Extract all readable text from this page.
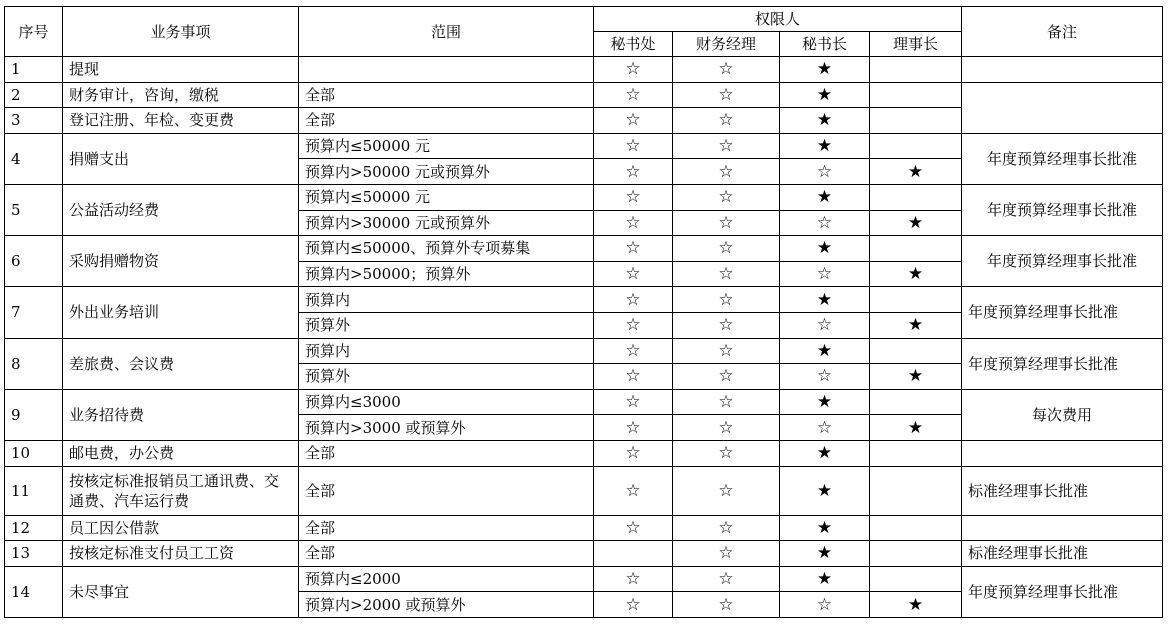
序号	业务事项	范围	权限人				备注
			秘书处	财务经理	秘书长	理事长	
1	提现		☆	☆	★		
2	财务审计，咨询，缴税	全部	☆	☆	★		
3	登记注册、年检、变更费	全部	☆	☆	★		
4	捐赠支出	预算内≤50000 元	☆	☆	★		年度预算经理事长批准
		预算内>50000 元或预算外	☆	☆	☆	★	
5	公益活动经费	预算内≤50000 元	☆	☆	★		年度预算经理事长批准
		预算内>30000 元或预算外	☆	☆	☆	★	
6	采购捐赠物资	预算内≤50000、预算外专项募集	☆	☆	★		年度预算经理事长批准
		预算内>50000；预算外	☆	☆	☆	★	
7	外出业务培训	预算内	☆	☆	★		年度预算经理事长批准
		预算外	☆	☆	☆	★	
8	差旅费、会议费	预算内	☆	☆	★		年度预算经理事长批准
		预算外	☆	☆	☆	★	
9	业务招待费	预算内≤3000	☆	☆	★		每次费用
		预算内>3000 或预算外	☆	☆	☆	★	
10	邮电费，办公费	全部	☆	☆	★		
11	按核定标准报销员工通讯费、交通费、汽车运行费	全部	☆	☆	★		标准经理事长批准
12	员工因公借款	全部	☆	☆	★		
13	按核定标准支付员工工资	全部		☆	★		标准经理事长批准
14	未尽事宜	预算内≤2000	☆	☆	★		年度预算经理事长批准
		预算内>2000 或预算外	☆	☆	☆	★	
